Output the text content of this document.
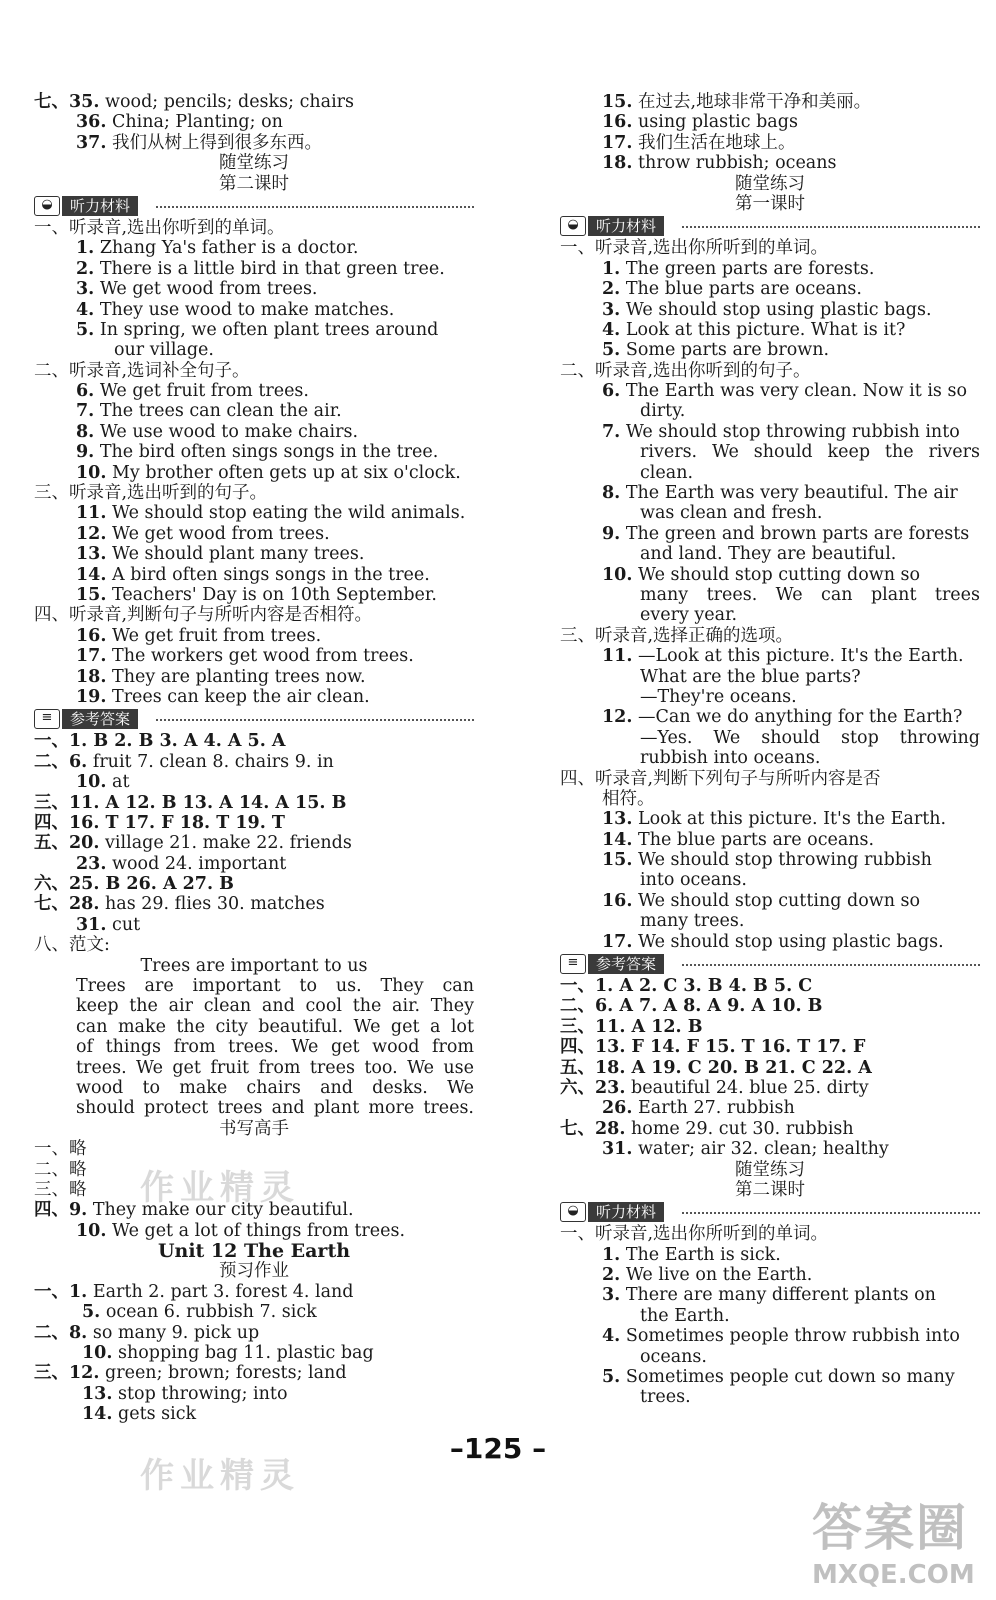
七、35. wood; pencils; desks; chairs
36. China; Planting; on
37. 我们从树上得到很多东西。
随堂练习
第二课时
◒	听力材料
一、听录音,选出你听到的单词。
1. Zhang Ya's father is a doctor.
2. There is a little bird in that green tree.
3. We get wood from trees.
4. They use wood to make matches.
5. In spring, we often plant trees around
our village.
二、听录音,选词补全句子。
6. We get fruit from trees.
7. The trees can clean the air.
8. We use wood to make chairs.
9. The bird often sings songs in the tree.
10. My brother often gets up at six o'clock.
三、听录音,选出听到的句子。
11. We should stop eating the wild animals.
12. We get wood from trees.
13. We should plant many trees.
14. A bird often sings songs in the tree.
15. Teachers' Day is on 10th September.
四、听录音,判断句子与所听内容是否相符。
16. We get fruit from trees.
17. The workers get wood from trees.
18. They are planting trees now.
19. Trees can keep the air clean.
≡	参考答案
一、1. B 2. B 3. A 4. A 5. A
二、6. fruit 7. clean 8. chairs 9. in
10. at
三、11. A 12. B 13. A 14. A 15. B
四、16. T 17. F 18. T 19. T
五、20. village 21. make 22. friends
23. wood 24. important
六、25. B 26. A 27. B
七、28. has 29. flies 30. matches
31. cut
八、范文:
Trees are important to us
Trees are important to us. They can
keep the air clean and cool the air. They
can make the city beautiful. We get a lot
of things from trees. We get wood from
trees. We get fruit from trees too. We use
wood to make chairs and desks. We
should protect trees and plant more trees.
书写高手
一、略
二、略
三、略
四、9. They make our city beautiful.
10. We get a lot of things from trees.
Unit 12 The Earth
预习作业
一、1. Earth 2. part 3. forest 4. land
5. ocean 6. rubbish 7. sick
二、8. so many 9. pick up
10. shopping bag 11. plastic bag
三、12. green; brown; forests; land
13. stop throwing; into
14. gets sick
15. 在过去,地球非常干净和美丽。
16. using plastic bags
17. 我们生活在地球上。
18. throw rubbish; oceans
随堂练习
第一课时
◒	听力材料
一、听录音,选出你所听到的单词。
1. The green parts are forests.
2. The blue parts are oceans.
3. We should stop using plastic bags.
4. Look at this picture. What is it?
5. Some parts are brown.
二、听录音,选出你听到的句子。
6. The Earth was very clean. Now it is so
dirty.
7. We should stop throwing rubbish into
rivers. We should keep the rivers
clean.
8. The Earth was very beautiful. The air
was clean and fresh.
9. The green and brown parts are forests
and land. They are beautiful.
10. We should stop cutting down so
many trees. We can plant trees
every year.
三、听录音,选择正确的选项。
11. —Look at this picture. It's the Earth.
What are the blue parts?
—They're oceans.
12. —Can we do anything for the Earth?
—Yes. We should stop throwing
rubbish into oceans.
四、听录音,判断下列句子与所听内容是否
相符。
13. Look at this picture. It's the Earth.
14. The blue parts are oceans.
15. We should stop throwing rubbish
into oceans.
16. We should stop cutting down so
many trees.
17. We should stop using plastic bags.
≡	参考答案
一、1. A 2. C 3. B 4. B 5. C
二、6. A 7. A 8. A 9. A 10. B
三、11. A 12. B
四、13. F 14. F 15. T 16. T 17. F
五、18. A 19. C 20. B 21. C 22. A
六、23. beautiful 24. blue 25. dirty
26. Earth 27. rubbish
七、28. home 29. cut 30. rubbish
31. water; air 32. clean; healthy
随堂练习
第二课时
◒	听力材料
一、听录音,选出你所听到的单词。
1. The Earth is sick.
2. We live on the Earth.
3. There are many different plants on
the Earth.
4. Sometimes people throw rubbish into
oceans.
5. Sometimes people cut down so many
trees.
作业精灵
作业精灵
–125 –
答案圈
MXQE.COM
